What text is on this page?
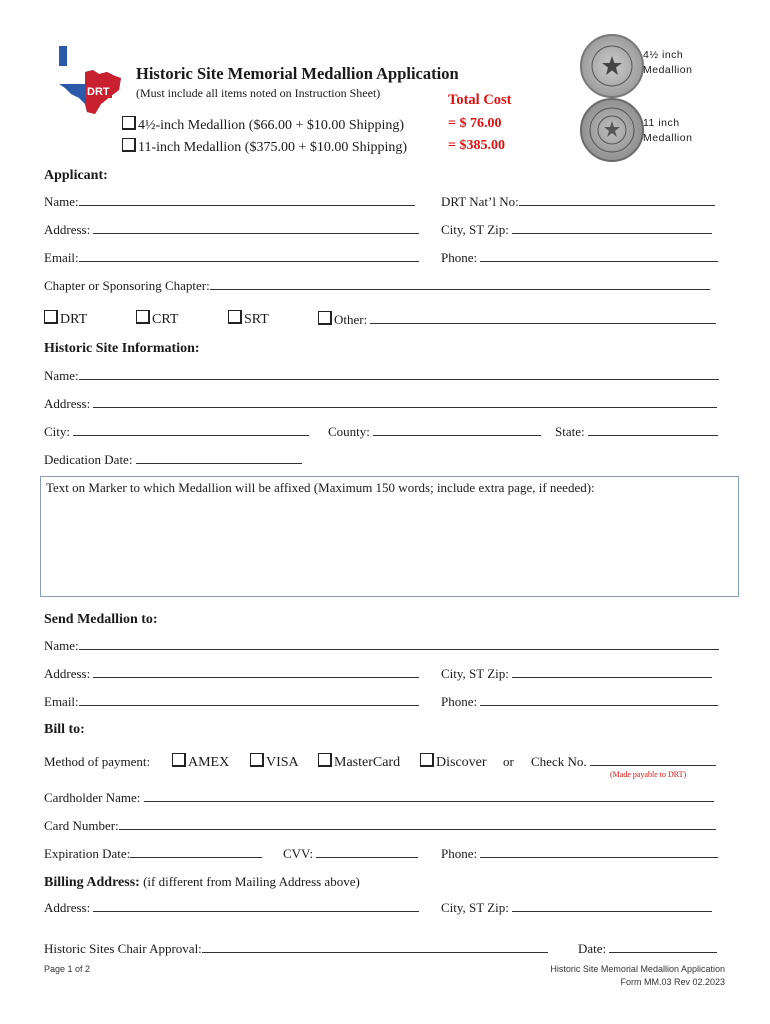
DRT
Historic Site Memorial Medallion Application
(Must include all items noted on Instruction Sheet)	Total Cost
4½-inch Medallion ($66.00 + $10.00 Shipping)	= $ 76.00
11-inch Medallion ($375.00 + $10.00 Shipping)	= $385.00
4½ inch Medallion
11 inch Medallion
Applicant:
Name:	DRT Nat’l No:
Address:	City, ST Zip:
Email:	Phone:
Chapter or Sponsoring Chapter:
DRT	CRT	SRT	Other:
Historic Site Information:
Name:
Address:
City:	County:	State:
Dedication Date:
Text on Marker to which Medallion will be affixed (Maximum 150 words; include extra page, if needed):
Send Medallion to:
Name:
Address:	City, ST Zip:
Email:	Phone:
Bill to:
Method of payment:	AMEX	VISA	MasterCard	Discover or Check No.
(Made payable to DRT)
Cardholder Name:
Card Number:
Expiration Date:	CVV:	Phone:
Billing Address: (if different from Mailing Address above)
Address:	City, ST Zip:
Historic Sites Chair Approval:	Date:
Page 1 of 2	Historic Site Memorial Medallion Application
Form MM.03 Rev 02.2023
